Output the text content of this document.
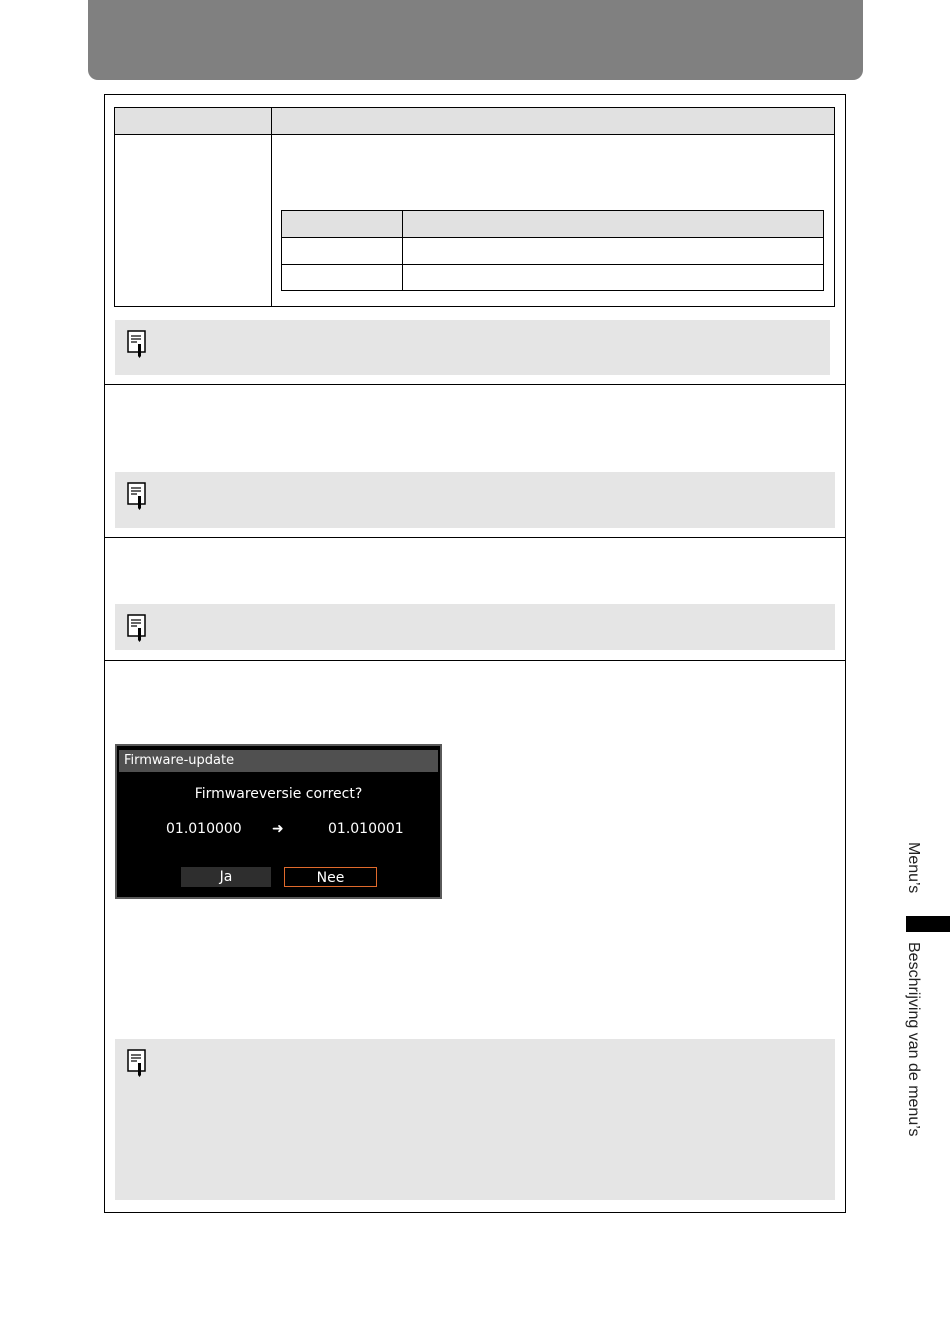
Firmware-update
Firmwareversie correct?
01.010000 ➜	01.010001
Ja	Nee	Menu’s
Beschrijving van de menu’s
